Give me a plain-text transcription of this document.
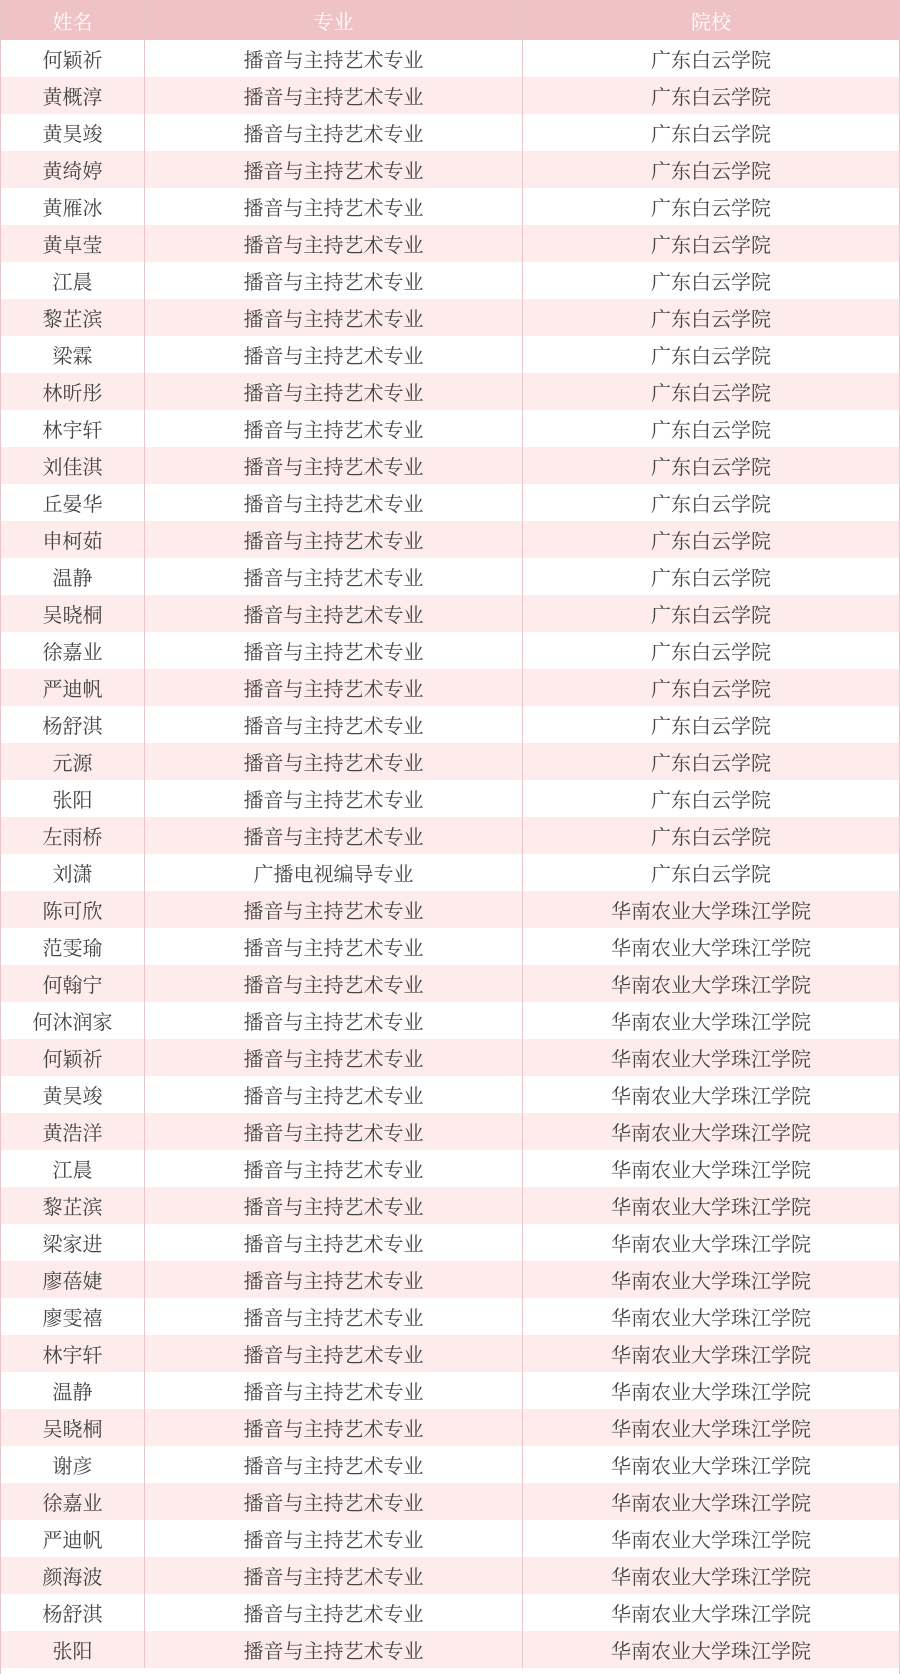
姓名	专业	院校
何颖祈	播音与主持艺术专业	广东白云学院
黄概淳	播音与主持艺术专业	广东白云学院
黄昊竣	播音与主持艺术专业	广东白云学院
黄绮婷	播音与主持艺术专业	广东白云学院
黄雁冰	播音与主持艺术专业	广东白云学院
黄卓莹	播音与主持艺术专业	广东白云学院
江晨	播音与主持艺术专业	广东白云学院
黎芷滨	播音与主持艺术专业	广东白云学院
梁霖	播音与主持艺术专业	广东白云学院
林昕彤	播音与主持艺术专业	广东白云学院
林宇轩	播音与主持艺术专业	广东白云学院
刘佳淇	播音与主持艺术专业	广东白云学院
丘晏华	播音与主持艺术专业	广东白云学院
申柯茹	播音与主持艺术专业	广东白云学院
温静	播音与主持艺术专业	广东白云学院
吴晓桐	播音与主持艺术专业	广东白云学院
徐嘉业	播音与主持艺术专业	广东白云学院
严迪帆	播音与主持艺术专业	广东白云学院
杨舒淇	播音与主持艺术专业	广东白云学院
元源	播音与主持艺术专业	广东白云学院
张阳	播音与主持艺术专业	广东白云学院
左雨桥	播音与主持艺术专业	广东白云学院
刘潇	广播电视编导专业	广东白云学院
陈可欣	播音与主持艺术专业	华南农业大学珠江学院
范雯瑜	播音与主持艺术专业	华南农业大学珠江学院
何翰宁	播音与主持艺术专业	华南农业大学珠江学院
何沐润家	播音与主持艺术专业	华南农业大学珠江学院
何颖祈	播音与主持艺术专业	华南农业大学珠江学院
黄昊竣	播音与主持艺术专业	华南农业大学珠江学院
黄浩洋	播音与主持艺术专业	华南农业大学珠江学院
江晨	播音与主持艺术专业	华南农业大学珠江学院
黎芷滨	播音与主持艺术专业	华南农业大学珠江学院
梁家进	播音与主持艺术专业	华南农业大学珠江学院
廖蓓婕	播音与主持艺术专业	华南农业大学珠江学院
廖雯禧	播音与主持艺术专业	华南农业大学珠江学院
林宇轩	播音与主持艺术专业	华南农业大学珠江学院
温静	播音与主持艺术专业	华南农业大学珠江学院
吴晓桐	播音与主持艺术专业	华南农业大学珠江学院
谢彦	播音与主持艺术专业	华南农业大学珠江学院
徐嘉业	播音与主持艺术专业	华南农业大学珠江学院
严迪帆	播音与主持艺术专业	华南农业大学珠江学院
颜海波	播音与主持艺术专业	华南农业大学珠江学院
杨舒淇	播音与主持艺术专业	华南农业大学珠江学院
张阳	播音与主持艺术专业	华南农业大学珠江学院
